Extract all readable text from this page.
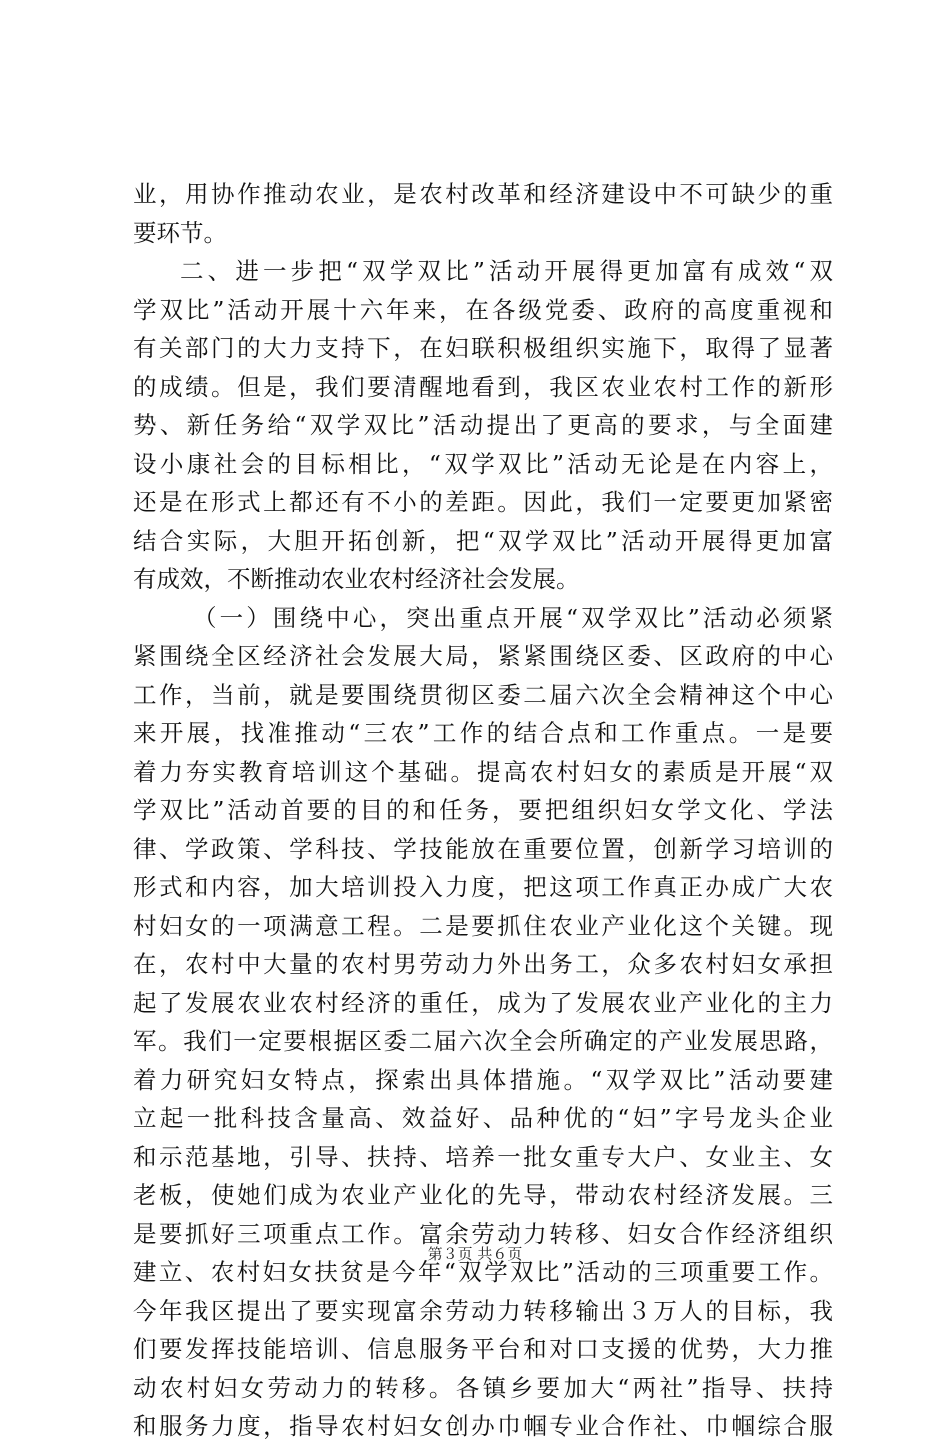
业，用协作推动农业，是农村改革和经济建设中不可缺少的重
要环节。
二、进一步把“双学双比”活动开展得更加富有成效“双
学双比”活动开展十六年来，在各级党委、政府的高度重视和
有关部门的大力支持下，在妇联积极组织实施下，取得了显著
的成绩。但是，我们要清醒地看到，我区农业农村工作的新形
势、新任务给“双学双比”活动提出了更高的要求，与全面建
设小康社会的目标相比，“双学双比”活动无论是在内容上，
还是在形式上都还有不小的差距。因此，我们一定要更加紧密
结合实际，大胆开拓创新，把“双学双比”活动开展得更加富
有成效，不断推动农业农村经济社会发展。
（一）围绕中心，突出重点开展“双学双比”活动必须紧
紧围绕全区经济社会发展大局，紧紧围绕区委、区政府的中心
工作，当前，就是要围绕贯彻区委二届六次全会精神这个中心
来开展，找准推动“三农”工作的结合点和工作重点。一是要
着力夯实教育培训这个基础。提高农村妇女的素质是开展“双
学双比”活动首要的目的和任务，要把组织妇女学文化、学法
律、学政策、学科技、学技能放在重要位置，创新学习培训的
形式和内容，加大培训投入力度，把这项工作真正办成广大农
村妇女的一项满意工程。二是要抓住农业产业化这个关键。现
在，农村中大量的农村男劳动力外出务工，众多农村妇女承担
起了发展农业农村经济的重任，成为了发展农业产业化的主力
军。我们一定要根据区委二届六次全会所确定的产业发展思路，
着力研究妇女特点，探索出具体措施。“双学双比”活动要建
立起一批科技含量高、效益好、品种优的“妇”字号龙头企业
和示范基地，引导、扶持、培养一批女重专大户、女业主、女
老板，使她们成为农业产业化的先导，带动农村经济发展。三
是要抓好三项重点工作。富余劳动力转移、妇女合作经济组织
建立、农村妇女扶贫是今年“双学双比”活动的三项重要工作。
今年我区提出了要实现富余劳动力转移输出３万人的目标，我
们要发挥技能培训、信息服务平台和对口支援的优势，大力推
动农村妇女劳动力的转移。各镇乡要加大“两社”指导、扶持
和服务力度，指导农村妇女创办巾帼专业合作社、巾帼综合服
第３页 共６页
